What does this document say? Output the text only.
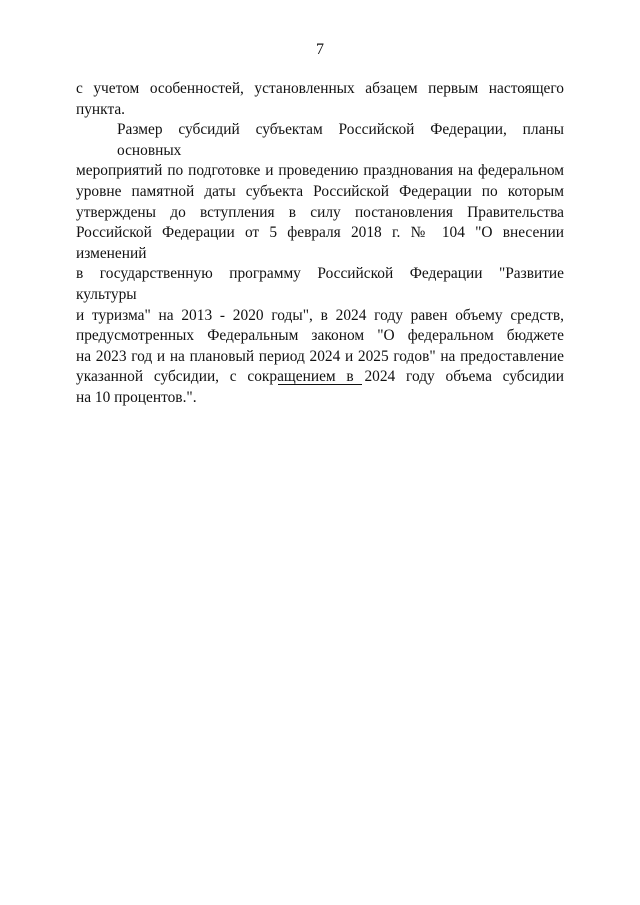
7

с учетом особенностей, установленных абзацем первым настоящего
пункта.

Размер субсидий субъектам Российской Федерации, планы основных
мероприятий по подготовке и проведению празднования на федеральном
уровне памятной даты субъекта Российской Федерации по которым
утверждены до вступления в силу постановления Правительства
Российской Федерации от 5 февраля 2018 г. № 104 "О внесении изменений
в государственную программу Российской Федерации "Развитие культуры
и туризма" на 2013 - 2020 годы", в 2024 году равен объему средств,
предусмотренных Федеральным законом "О федеральном бюджете
на 2023 год и на плановый период 2024 и 2025 годов" на предоставление
указанной субсидии, с сокращением в 2024 году объема субсидии
на 10 процентов.".
